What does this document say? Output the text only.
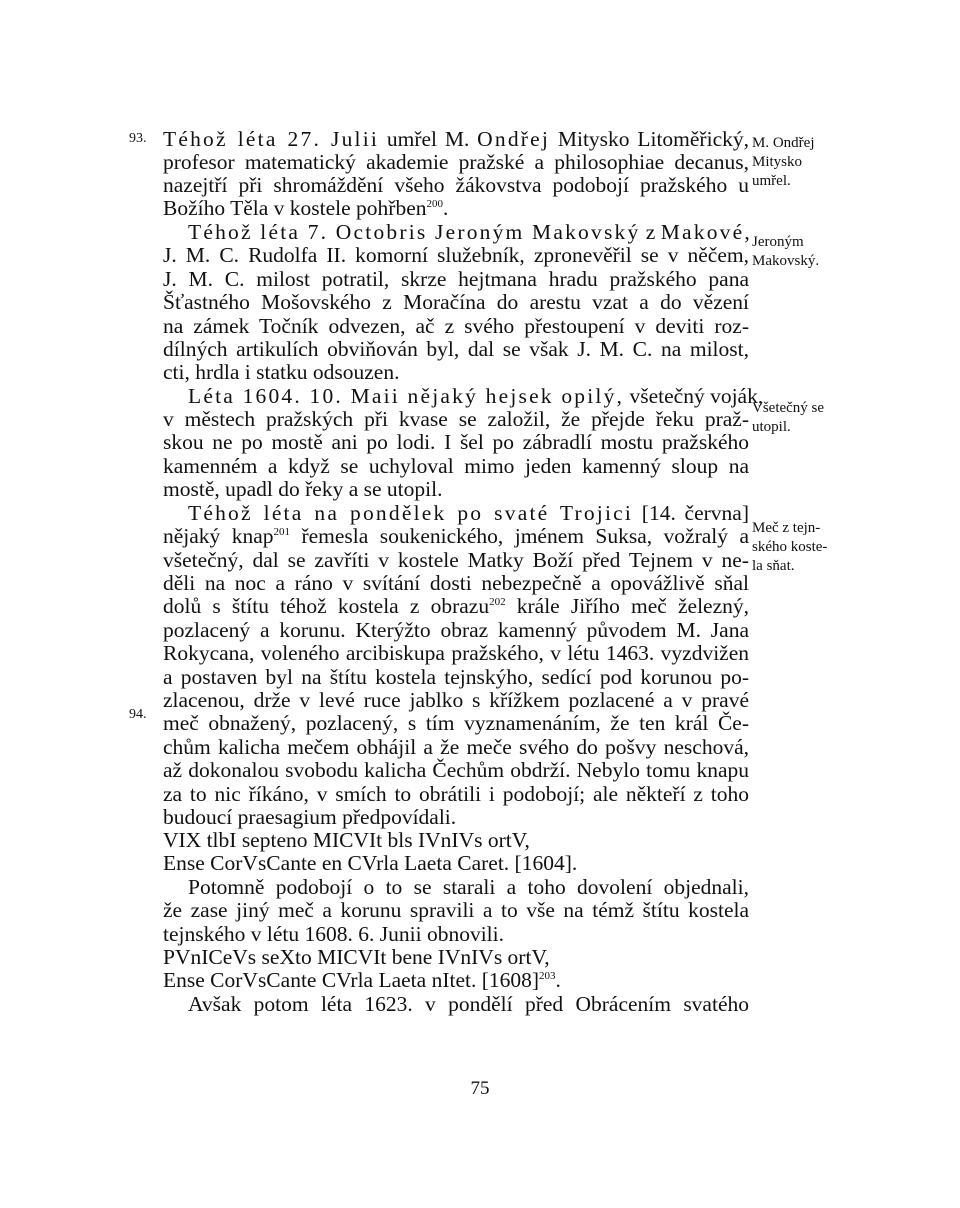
93.
94.
Téhož léta 27. Julii umřel M. Ondřej Mitysko Litoměřický,
profesor matematický akademie pražské a philosophiae decanus,
nazejtří při shromáždění všeho žákovstva podobojí pražského u
Božího Těla v kostele pohřben$^{200}$.
Téhož léta 7. Octobris Jeroným Makovský z Makové,
J. M. C. Rudolfa II. komorní služebník, zpronevěřil se v něčem,
J. M. C. milost potratil, skrze hejtmana hradu pražského pana
Šťastného Mošovského z Moračína do arestu vzat a do vězení
na zámek Točník odvezen, ač z svého přestoupení v deviti roz-
dílných artikulích obviňován byl, dal se však J. M. C. na milost,
cti, hrdla i statku odsouzen.
Léta 1604. 10. Maii nějaký hejsek opilý, všetečný voják,
v městech pražských při kvase se založil, že přejde řeku praž-
skou ne po mostě ani po lodi. I šel po zábradlí mostu pražského
kamenném a když se uchyloval mimo jeden kamenný sloup na
mostě, upadl do řeky a se utopil.
Téhož léta na pondělek po svaté Trojici [14. června]
nějaký knap$^{201}$ řemesla soukenického, jménem Suksa, vožralý a
všetečný, dal se zavříti v kostele Matky Boží před Tejnem v ne-
děli na noc a ráno v svítání dosti nebezpečně a opovážlivě sňal
dolů s štítu téhož kostela z obrazu$^{202}$ krále Jiřího meč železný,
pozlacený a korunu. Kterýžto obraz kamenný původem M. Jana
Rokycana, voleného arcibiskupa pražského, v létu 1463. vyzdvižen
a postaven byl na štítu kostela tejnskýho, sedící pod korunou po-
zlacenou, drže v levé ruce jablko s křížkem pozlacené a v pravé
meč obnažený, pozlacený, s tím vyznamenáním, že ten král Če-
chům kalicha mečem obhájil a že meče svého do pošvy neschová,
až dokonalou svobodu kalicha Čechům obdrží. Nebylo tomu knapu
za to nic říkáno, v smích to obrátili i podobojí; ale někteří z toho
budoucí praesagium předpovídali.
VIX tlbI septeno MICVIt bls IVnIVs ortV,
Ense CorVsCante en CVrla Laeta Caret. [1604].
Potomně podobojí o to se starali a toho dovolení objednali,
že zase jiný meč a korunu spravili a to vše na témž štítu kostela
tejnského v létu 1608. 6. Junii obnovili.
PVnICeVs seXto MICVIt bene IVnIVs ortV,
Ense CorVsCante CVrla Laeta nItet. $[1608]^{203}$.
Avšak potom léta 1623. v pondělí před Obrácením svatého
M. Ondřej
Mitysko
umřel.
Jeroným
Makovský.
Všetečný se
utopil.
Meč z tejn-
ského koste-
la sňat.
75
